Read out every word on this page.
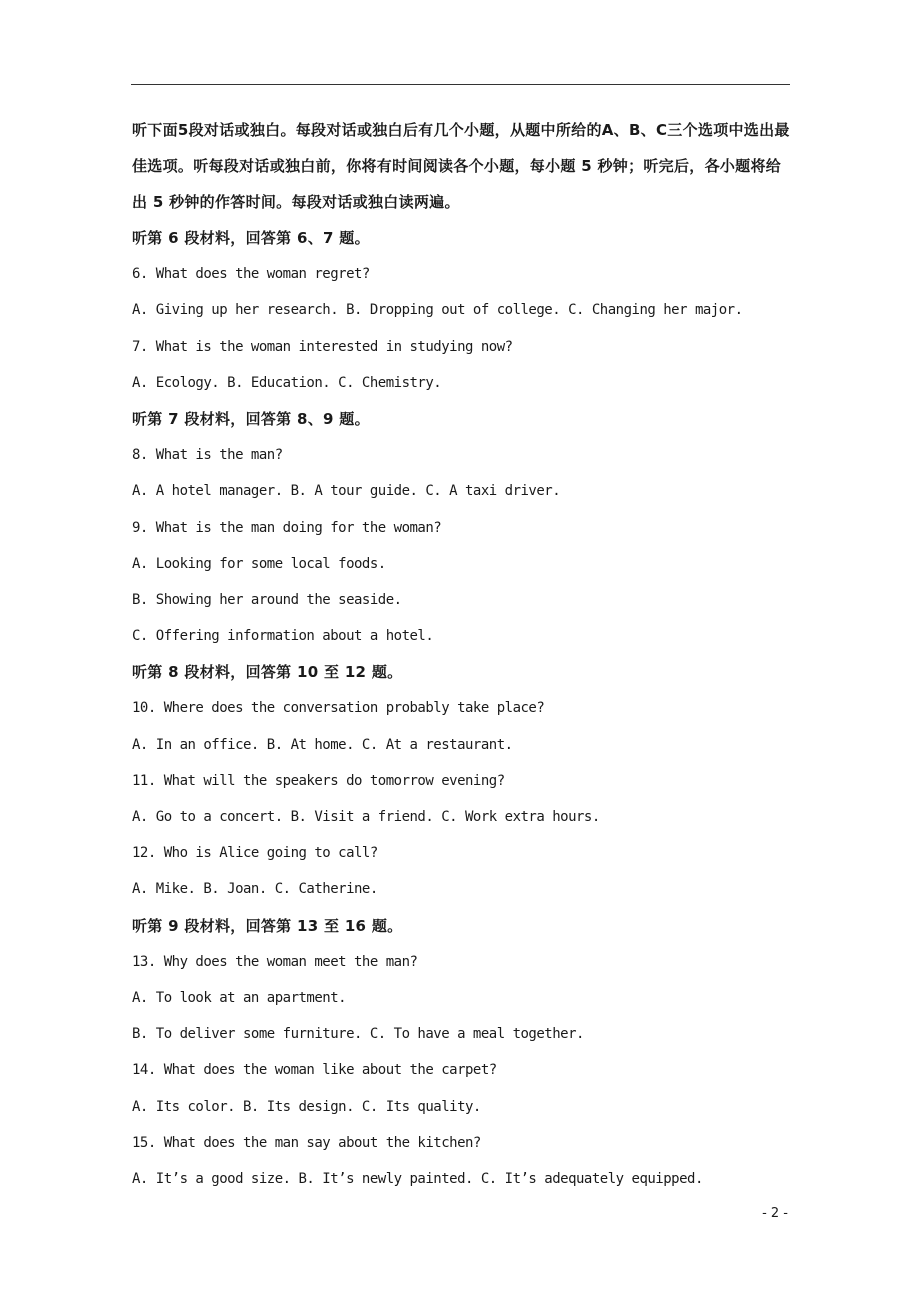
听下面5段对话或独白。每段对话或独白后有几个小题，从题中所给的A、B、C三个选项中选出最佳选项。听每段对话或独白前，你将有时间阅读各个小题，每小题 5 秒钟；听完后，各小题将给出 5 秒钟的作答时间。每段对话或独白读两遍。

听第 6 段材料，回答第 6、7 题。
6. What does the woman regret?
A. Giving up her research. B. Dropping out of college. C. Changing her major.
7. What is the woman interested in studying now?
A. Ecology. B. Education. C. Chemistry.
听第 7 段材料，回答第 8、9 题。
8. What is the man?
A. A hotel manager. B. A tour guide. C. A taxi driver.
9. What is the man doing for the woman?
A. Looking for some local foods.
B. Showing her around the seaside.
C. Offering information about a hotel.
听第 8 段材料，回答第 10 至 12 题。
10. Where does the conversation probably take place?
A. In an office. B. At home. C. At a restaurant.
11. What will the speakers do tomorrow evening?
A. Go to a concert. B. Visit a friend. C. Work extra hours.
12. Who is Alice going to call?
A. Mike. B. Joan. C. Catherine.
听第 9 段材料，回答第 13 至 16 题。
13. Why does the woman meet the man?
A. To look at an apartment.
B. To deliver some furniture. C. To have a meal together.
14. What does the woman like about the carpet?
A. Its color. B. Its design. C. Its quality.
15. What does the man say about the kitchen?
A. It’s a good size. B. It’s newly painted. C. It’s adequately equipped.
- 2 -
